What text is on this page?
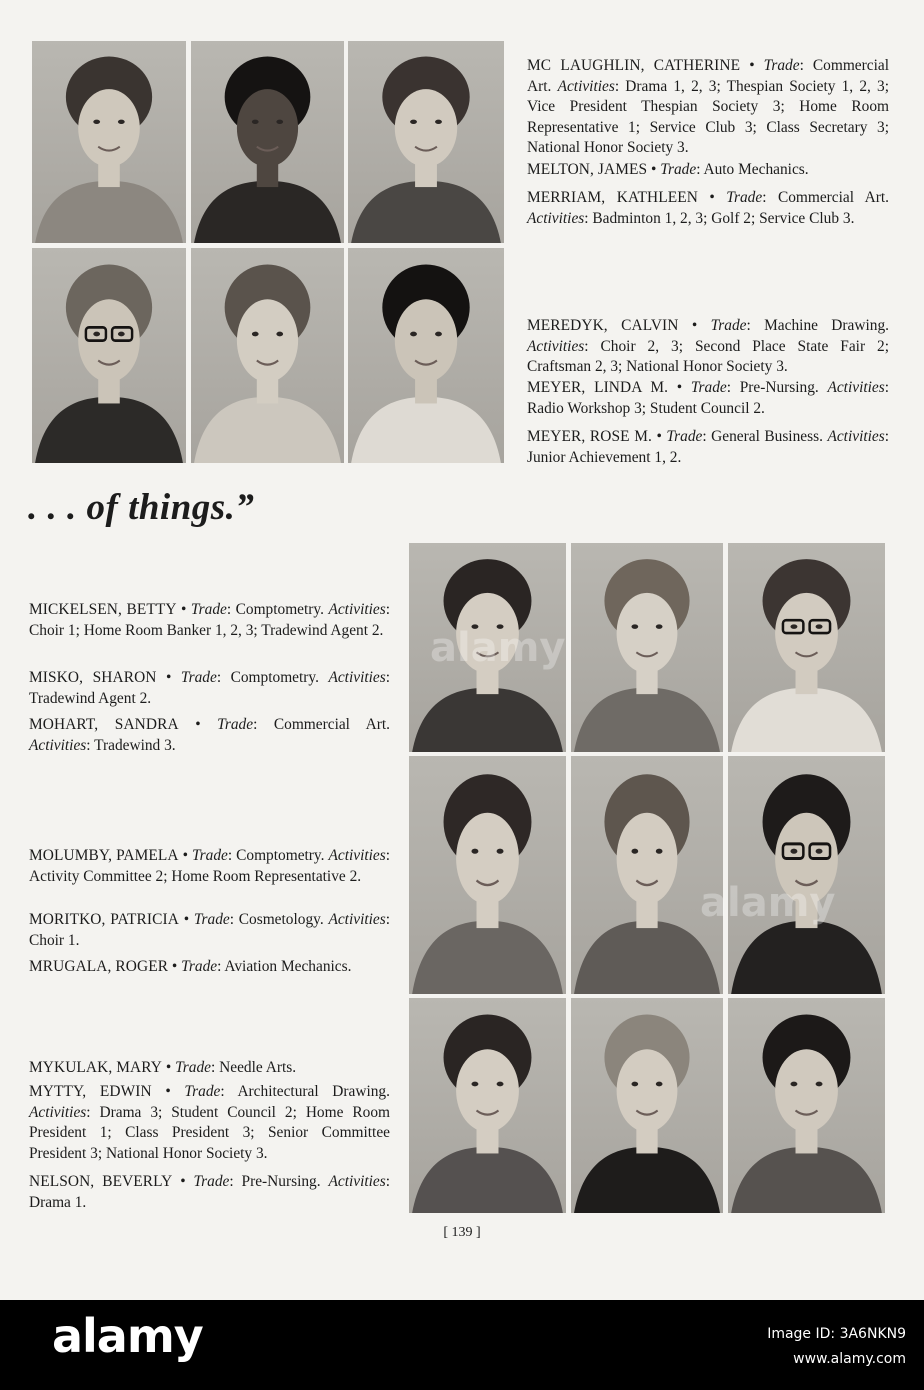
MC LAUGHLIN, CATHERINE • Trade: Commercial Art. Activities: Drama 1, 2, 3; Thespian Society 1, 2, 3; Vice President Thespian Society 3; Home Room Representative 1; Service Club 3; Class Secretary 3; National Honor Society 3.

MELTON, JAMES • Trade: Auto Mechanics.

MERRIAM, KATHLEEN • Trade: Commercial Art. Activities: Badminton 1, 2, 3; Golf 2; Service Club 3.

MEREDYK, CALVIN • Trade: Machine Drawing. Activities: Choir 2, 3; Second Place State Fair 2; Craftsman 2, 3; National Honor Society 3.

MEYER, LINDA M. • Trade: Pre-Nursing. Activities: Radio Workshop 3; Student Council 2.

MEYER, ROSE M. • Trade: General Business. Activities: Junior Achievement 1, 2.

. . . of things.”

MICKELSEN, BETTY • Trade: Comptometry. Activities: Choir 1; Home Room Banker 1, 2, 3; Tradewind Agent 2.

MISKO, SHARON • Trade: Comptometry. Activities: Tradewind Agent 2.

MOHART, SANDRA • Trade: Commercial Art. Activities: Tradewind 3.

MOLUMBY, PAMELA • Trade: Comptometry. Activities: Activity Committee 2; Home Room Representative 2.

MORITKO, PATRICIA • Trade: Cosmetology. Activities: Choir 1.

MRUGALA, ROGER • Trade: Aviation Mechanics.

MYKULAK, MARY • Trade: Needle Arts.

MYTTY, EDWIN • Trade: Architectural Drawing. Activities: Drama 3; Student Council 2; Home Room President 1; Class President 3; Senior Committee President 3; National Honor Society 3.

NELSON, BEVERLY • Trade: Pre-Nursing. Activities: Drama 1.

[ 139 ]
alamy
alamy
alamy	Image ID: 3A6NKN9
www.alamy.com
